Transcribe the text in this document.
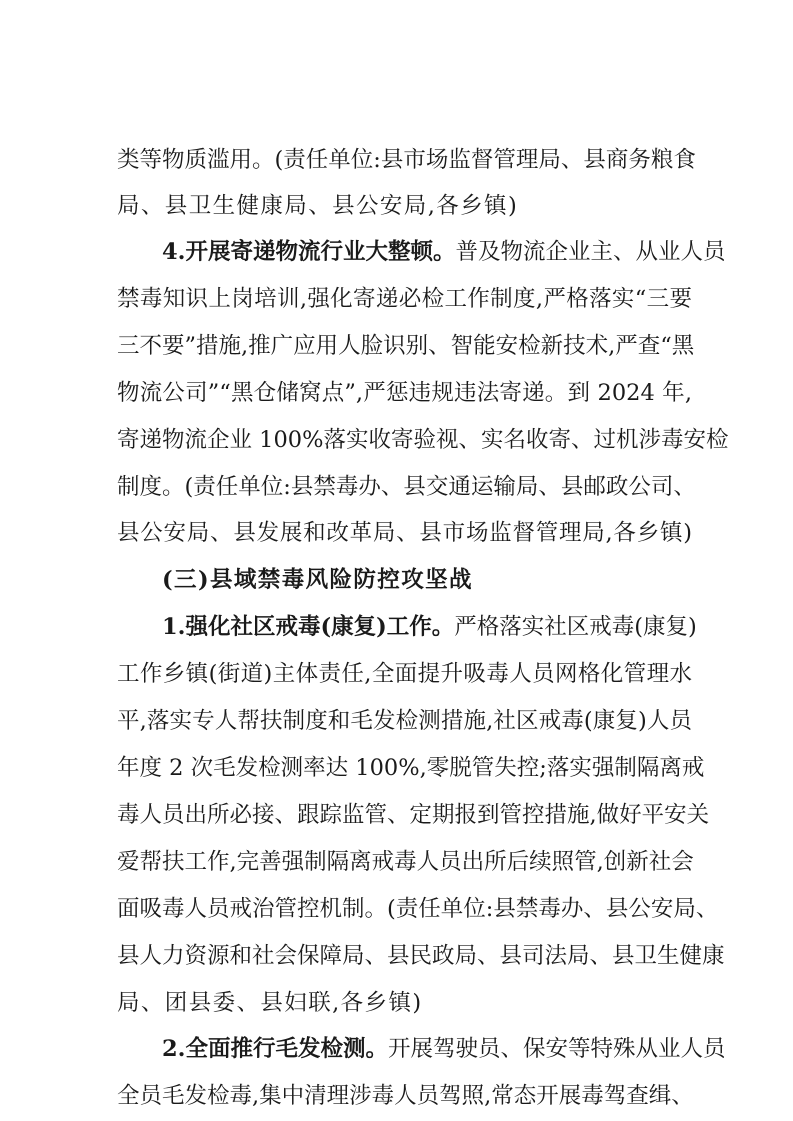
类等物质滥用。(责任单位:县市场监督管理局、县商务粮食
局、县卫生健康局、县公安局,各乡镇)
4.开展寄递物流行业大整顿。普及物流企业主、从业人员
禁毒知识上岗培训,强化寄递必检工作制度,严格落实“三要
三不要”措施,推广应用人脸识别、智能安检新技术,严查“黑
物流公司”“黑仓储窝点”,严惩违规违法寄递。到 2024 年,
寄递物流企业 100%落实收寄验视、实名收寄、过机涉毒安检
制度。(责任单位:县禁毒办、县交通运输局、县邮政公司、
县公安局、县发展和改革局、县市场监督管理局,各乡镇)
(三)县域禁毒风险防控攻坚战
1.强化社区戒毒(康复)工作。严格落实社区戒毒(康复)
工作乡镇(街道)主体责任,全面提升吸毒人员网格化管理水
平,落实专人帮扶制度和毛发检测措施,社区戒毒(康复)人员
年度 2 次毛发检测率达 100%,零脱管失控;落实强制隔离戒
毒人员出所必接、跟踪监管、定期报到管控措施,做好平安关
爱帮扶工作,完善强制隔离戒毒人员出所后续照管,创新社会
面吸毒人员戒治管控机制。(责任单位:县禁毒办、县公安局、
县人力资源和社会保障局、县民政局、县司法局、县卫生健康
局、团县委、县妇联,各乡镇)
2.全面推行毛发检测。开展驾驶员、保安等特殊从业人员
全员毛发检毒,集中清理涉毒人员驾照,常态开展毒驾查缉、
